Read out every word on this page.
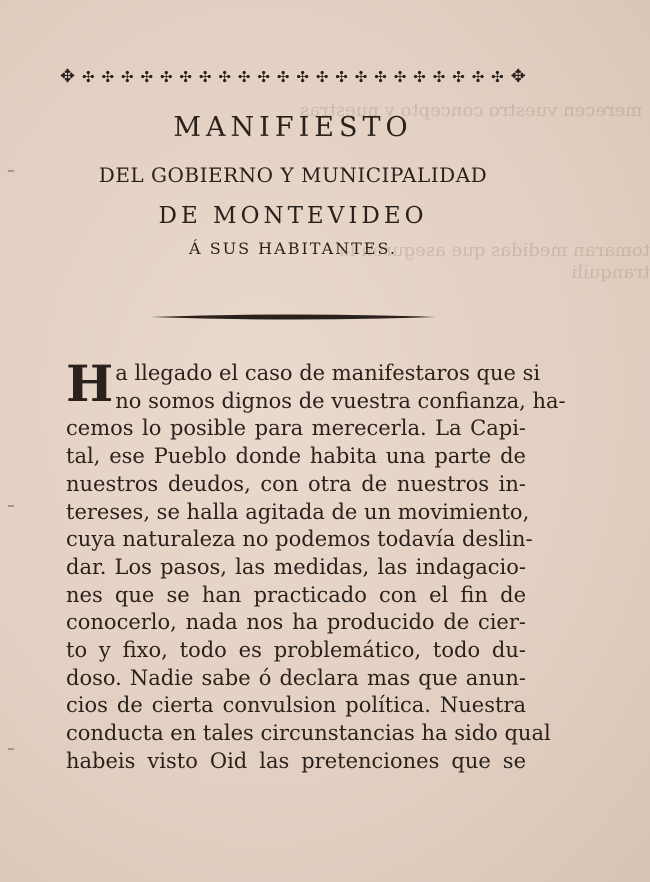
merecen vuestro concepto y nuestras
tomaran medidas que aseguren la tranquili
✥ ✣ ✣ ✣ ✣ ✣ ✣ ✣ ✣ ✣ ✣ ✣ ✣ ✣ ✣ ✣ ✣ ✣ ✣ ✣ ✣ ✣ ✣ ✥

MANIFIESTO

DEL GOBIERNO Y MUNICIPALIDAD

DE MONTEVIDEO

Á SUS HABITANTES.

H a llegado el caso de manifestaros que si
no somos dignos de vuestra confianza, ha-
cemos lo posible para merecerla. La Capi-
tal, ese Pueblo donde habita una parte de
nuestros deudos, con otra de nuestros in-
tereses, se halla agitada de un movimiento,
cuya naturaleza no podemos todavía deslin-
dar. Los pasos, las medidas, las indagacio-
nes que se han practicado con el fin de
conocerlo, nada nos ha producido de cier-
to y fixo, todo es problemático, todo du-
doso. Nadie sabe ó declara mas que anun-
cios de cierta convulsion política. Nuestra
conducta en tales circunstancias ha sido qual
habeis visto Oid las pretenciones que se
